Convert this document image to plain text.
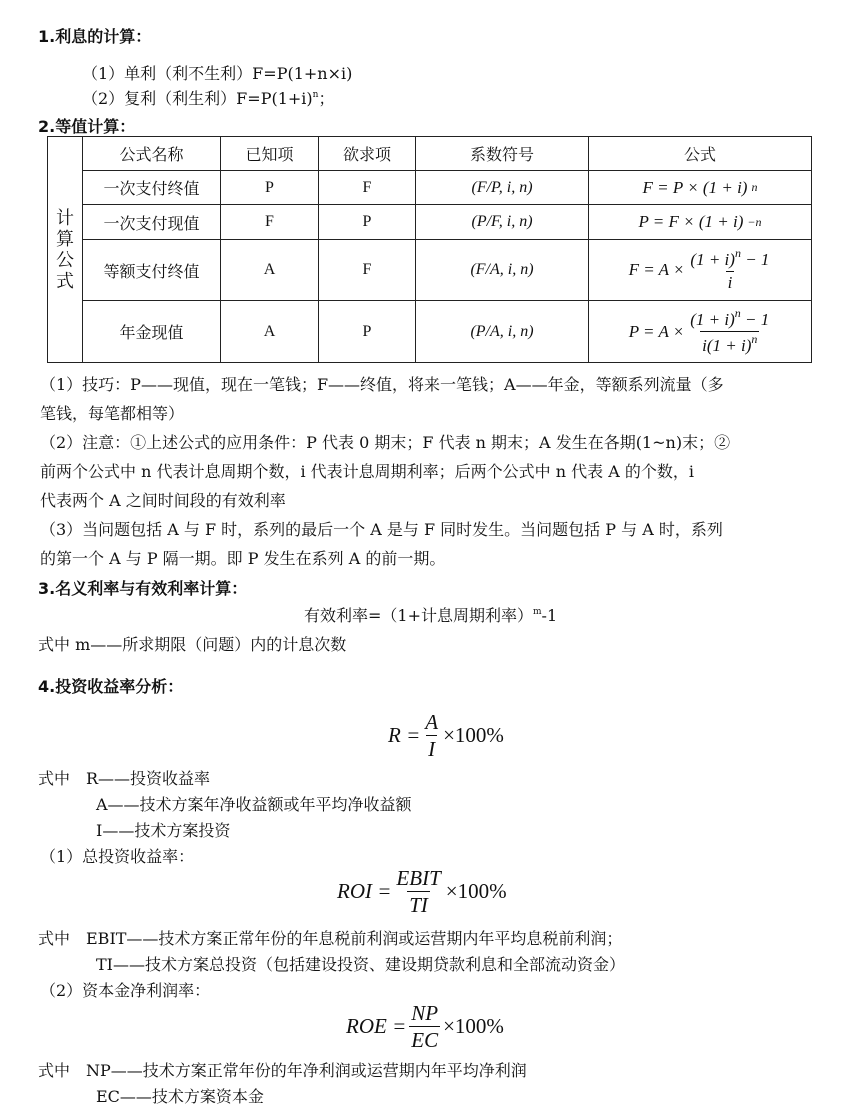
1.利息的计算：
（1）单利（利不生利）F=P(1+n×i)
（2）复利（利生利）$F=P(1+i)^n$；
2.等值计算：
计
算
公
式	公式名称	已知项	欲求项	系数符号	公式
	一次支付终值	P	F	(F/P, i, n)	F = P × (1 + i) n

	一次支付现值	F	P	(P/F, i, n)	P = F × (1 + i) −n

	等额支付终值	A	F	(F/A, i, n)	$F = A \times \frac{(1 + i)^n - 1}{i}$

	年金现值	A	P	(P/A, i, n)	$P = A \times \frac{(1 + i)^n - 1}{i(1 + i)^n}$
（1）技巧：P——现值，现在一笔钱；F——终值，将来一笔钱；A——年金，等额系列流量（多
笔钱，每笔都相等）
（2）注意：①上述公式的应用条件：P 代表 0 期末；F 代表 n 期末；A 发生在各期(1~n)末；②
前两个公式中 n 代表计息周期个数，i 代表计息周期利率；后两个公式中 n 代表 A 的个数，i
代表两个 A 之间时间段的有效利率
（3）当问题包括 A 与 F 时，系列的最后一个 A 是与 F 同时发生。当问题包括 P 与 A 时，系列
的第一个 A 与 P 隔一期。即 P 发生在系列 A 的前一期。
3.名义利率与有效利率计算：
有效利率=（1+计息周期利率）$^m$-1
式中 m——所求期限（问题）内的计息次数
4.投资收益率分析：
$R = \frac{A}{I} \times 100\%$
式中　R——投资收益率
A——技术方案年净收益额或年平均净收益额
I——技术方案投资
（1）总投资收益率：
ROI = $\frac{\text{EBIT}}{TI} \times 100\%$
式中　EBIT——技术方案正常年份的年息税前利润或运营期内年平均息税前利润；
TI——技术方案总投资（包括建设投资、建设期贷款利息和全部流动资金）
（2）资本金净利润率：
ROE = $\frac{NP}{EC} \times 100\%$
式中　NP——技术方案正常年份的年净利润或运营期内年平均净利润
EC——技术方案资本金
